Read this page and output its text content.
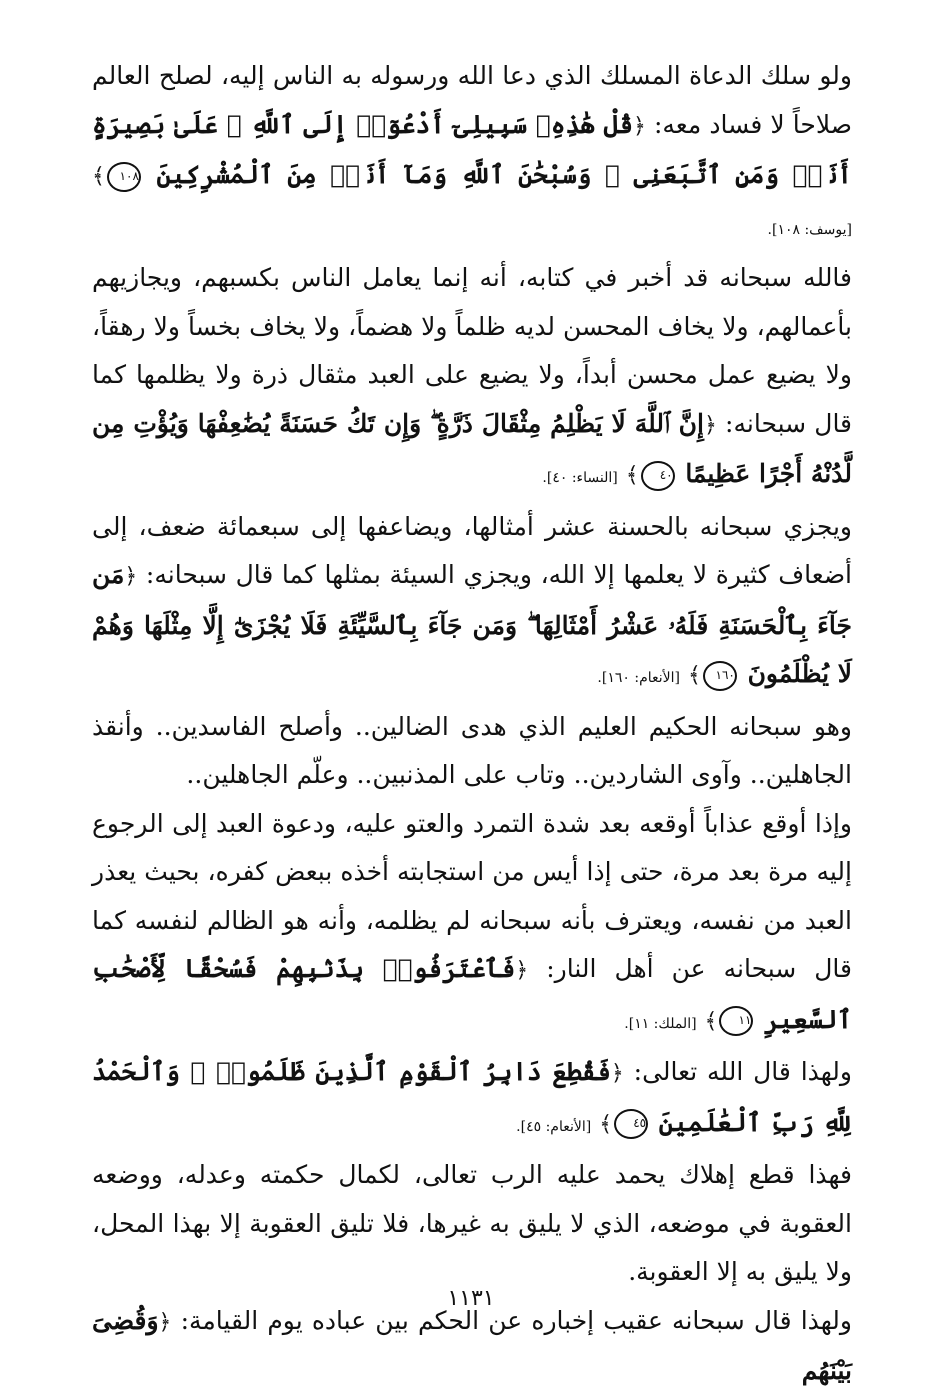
ولو سلك الدعاة المسلك الذي دعا الله ورسوله به الناس إليه، لصلح العالم صلاحاً لا فساد معه: ﴿قُلْ هَٰذِهِۦ سَبِيلِىٓ أَدْعُوٓا۟ إِلَى ٱللَّهِ ۚ عَلَىٰ بَصِيرَةٍ أَنَا۠ وَمَنِ ٱتَّبَعَنِى ۖ وَسُبْحَٰنَ ٱللَّهِ وَمَآ أَنَا۠ مِنَ ٱلْمُشْرِكِينَ ١٠٨﴾ [يوسف: ١٠٨].

فالله سبحانه قد أخبر في كتابه، أنه إنما يعامل الناس بكسبهم، ويجازيهم بأعمالهم، ولا يخاف المحسن لديه ظلماً ولا هضماً، ولا يخاف بخساً ولا رهقاً، ولا يضيع عمل محسن أبداً، ولا يضيع على العبد مثقال ذرة ولا يظلمها كما قال سبحانه: ﴿إِنَّ ٱللَّهَ لَا يَظْلِمُ مِثْقَالَ ذَرَّةٍ ۖ وَإِن تَكُ حَسَنَةً يُضَٰعِفْهَا وَيُؤْتِ مِن لَّدُنْهُ أَجْرًا عَظِيمًا ٤٠﴾ [النساء: ٤٠].

ويجزي سبحانه بالحسنة عشر أمثالها، ويضاعفها إلى سبعمائة ضعف، إلى أضعاف كثيرة لا يعلمها إلا الله، ويجزي السيئة بمثلها كما قال سبحانه: ﴿مَن جَآءَ بِٱلْحَسَنَةِ فَلَهُۥ عَشْرُ أَمْثَالِهَا ۖ وَمَن جَآءَ بِٱلسَّيِّئَةِ فَلَا يُجْزَىٰٓ إِلَّا مِثْلَهَا وَهُمْ لَا يُظْلَمُونَ ١٦٠﴾ [الأنعام: ١٦٠].

وهو سبحانه الحكيم العليم الذي هدى الضالين.. وأصلح الفاسدين.. وأنقذ الجاهلين.. وآوى الشاردين.. وتاب على المذنبين.. وعلّم الجاهلين..

وإذا أوقع عذاباً أوقعه بعد شدة التمرد والعتو عليه، ودعوة العبد إلى الرجوع إليه مرة بعد مرة، حتى إذا أيس من استجابته أخذه ببعض كفره، بحيث يعذر العبد من نفسه، ويعترف بأنه سبحانه لم يظلمه، وأنه هو الظالم لنفسه كما قال سبحانه عن أهل النار: ﴿فَٱعْتَرَفُوا۟ بِذَنۢبِهِمْ فَسُحْقًا لِّأَصْحَٰبِ ٱلسَّعِيرِ ١١﴾ [الملك: ١١].

ولهذا قال الله تعالى: ﴿فَقُطِعَ دَابِرُ ٱلْقَوْمِ ٱلَّذِينَ ظَلَمُوا۟ ۚ وَٱلْحَمْدُ لِلَّهِ رَبِّ ٱلْعَٰلَمِينَ ٤٥﴾ [الأنعام: ٤٥].

فهذا قطع إهلاك يحمد عليه الرب تعالى، لكمال حكمته وعدله، ووضعه العقوبة في موضعه، الذي لا يليق به غيرها، فلا تليق العقوبة إلا بهذا المحل، ولا يليق به إلا العقوبة.

ولهذا قال سبحانه عقيب إخباره عن الحكم بين عباده يوم القيامة: ﴿وَقُضِىَ بَيْنَهُم

١١٣١
